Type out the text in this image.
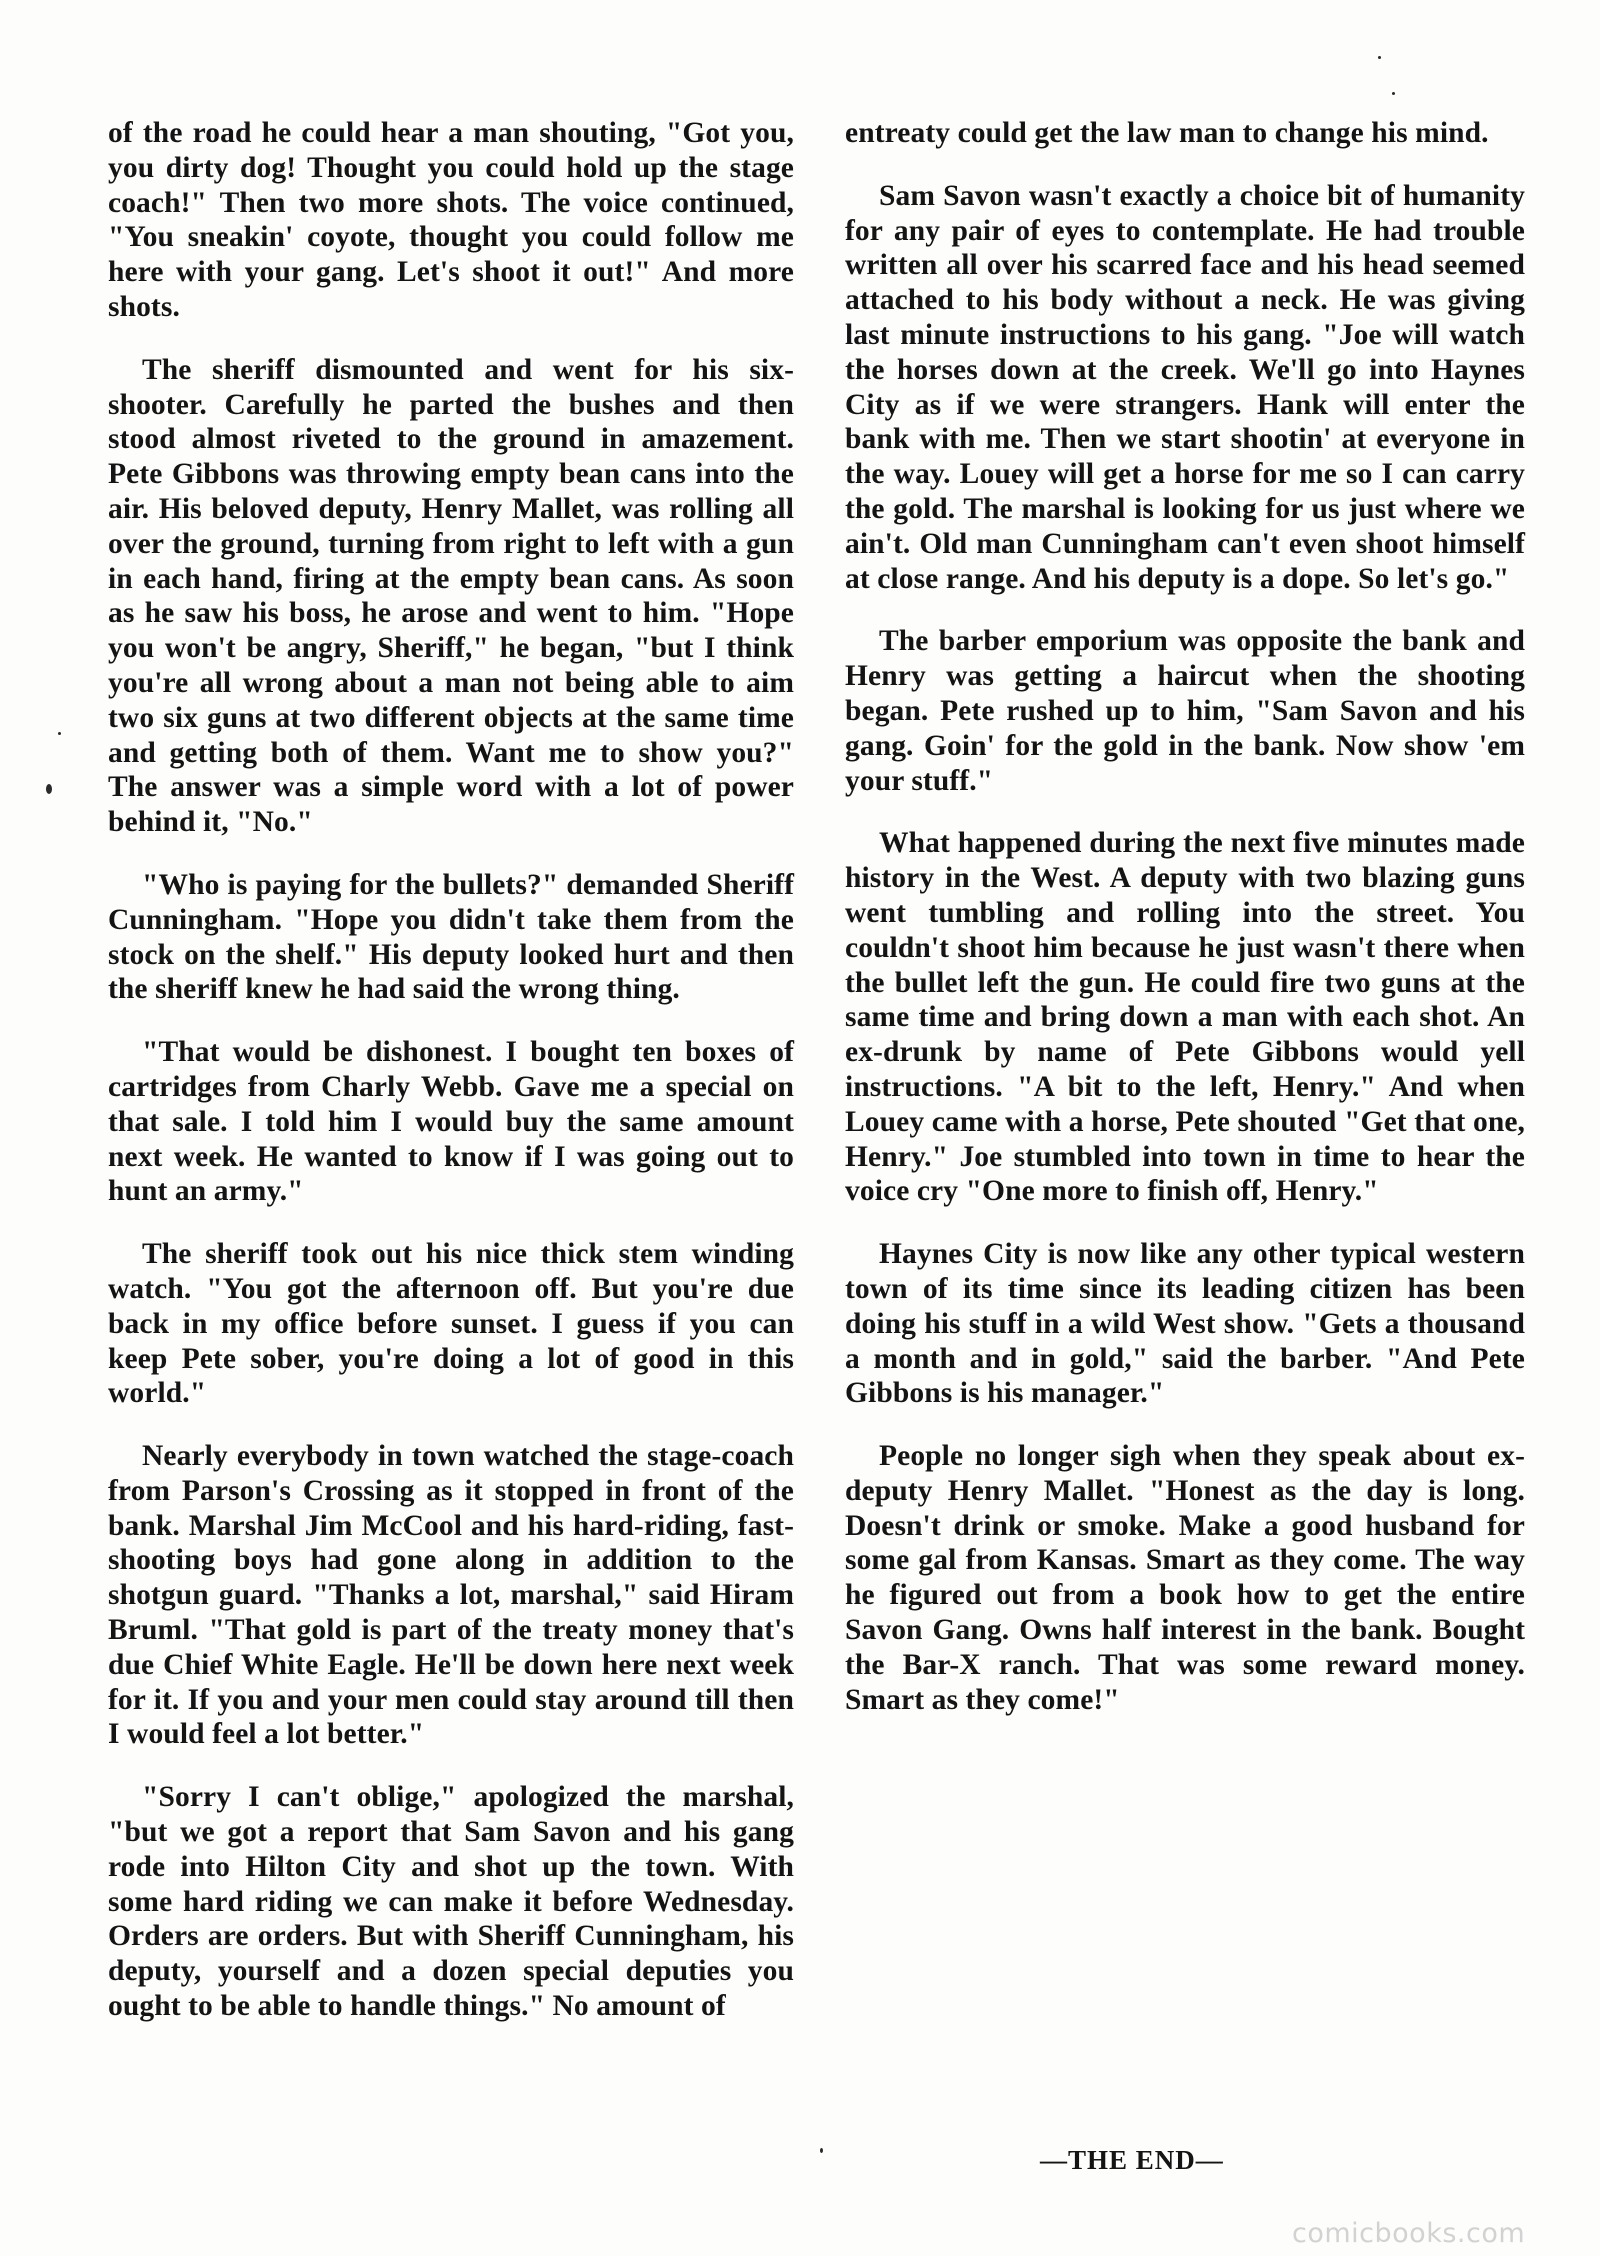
of the road he could hear a man shouting, "Got you, you dirty dog! Thought you could hold up the stage coach!" Then two more shots. The voice continued, "You sneakin' coyote, thought you could follow me here with your gang. Let's shoot it out!" And more shots.

The sheriff dismounted and went for his six-shooter. Carefully he parted the bushes and then stood almost riveted to the ground in amazement. Pete Gibbons was throwing empty bean cans into the air. His beloved deputy, Henry Mallet, was rolling all over the ground, turning from right to left with a gun in each hand, firing at the empty bean cans. As soon as he saw his boss, he arose and went to him. "Hope you won't be angry, Sheriff," he began, "but I think you're all wrong about a man not being able to aim two six guns at two different objects at the same time and getting both of them. Want me to show you?" The answer was a simple word with a lot of power behind it, "No."

"Who is paying for the bullets?" demanded Sheriff Cunningham. "Hope you didn't take them from the stock on the shelf." His deputy looked hurt and then the sheriff knew he had said the wrong thing.

"That would be dishonest. I bought ten boxes of cartridges from Charly Webb. Gave me a special on that sale. I told him I would buy the same amount next week. He wanted to know if I was going out to hunt an army."

The sheriff took out his nice thick stem winding watch. "You got the afternoon off. But you're due back in my office before sunset. I guess if you can keep Pete sober, you're doing a lot of good in this world."

Nearly everybody in town watched the stage-coach from Parson's Crossing as it stopped in front of the bank. Marshal Jim McCool and his hard-riding, fast-shooting boys had gone along in addition to the shotgun guard. "Thanks a lot, marshal," said Hiram Bruml. "That gold is part of the treaty money that's due Chief White Eagle. He'll be down here next week for it. If you and your men could stay around till then I would feel a lot better."

"Sorry I can't oblige," apologized the marshal, "but we got a report that Sam Savon and his gang rode into Hilton City and shot up the town. With some hard riding we can make it before Wednesday. Orders are orders. But with Sheriff Cunningham, his deputy, yourself and a dozen special deputies you ought to be able to handle things." No amount of

entreaty could get the law man to change his mind.

Sam Savon wasn't exactly a choice bit of humanity for any pair of eyes to contemplate. He had trouble written all over his scarred face and his head seemed attached to his body without a neck. He was giving last minute instructions to his gang. "Joe will watch the horses down at the creek. We'll go into Haynes City as if we were strangers. Hank will enter the bank with me. Then we start shootin' at everyone in the way. Louey will get a horse for me so I can carry the gold. The marshal is looking for us just where we ain't. Old man Cunningham can't even shoot himself at close range. And his deputy is a dope. So let's go."

The barber emporium was opposite the bank and Henry was getting a haircut when the shooting began. Pete rushed up to him, "Sam Savon and his gang. Goin' for the gold in the bank. Now show 'em your stuff."

What happened during the next five minutes made history in the West. A deputy with two blazing guns went tumbling and rolling into the street. You couldn't shoot him because he just wasn't there when the bullet left the gun. He could fire two guns at the same time and bring down a man with each shot. An ex-drunk by name of Pete Gibbons would yell instructions. "A bit to the left, Henry." And when Louey came with a horse, Pete shouted "Get that one, Henry." Joe stumbled into town in time to hear the voice cry "One more to finish off, Henry."

Haynes City is now like any other typical western town of its time since its leading citizen has been doing his stuff in a wild West show. "Gets a thousand a month and in gold," said the barber. "And Pete Gibbons is his manager."

People no longer sigh when they speak about ex-deputy Henry Mallet. "Honest as the day is long. Doesn't drink or smoke. Make a good husband for some gal from Kansas. Smart as they come. The way he figured out from a book how to get the entire Savon Gang. Owns half interest in the bank. Bought the Bar-X ranch. That was some reward money. Smart as they come!"

—THE END—
comicbooks.com
